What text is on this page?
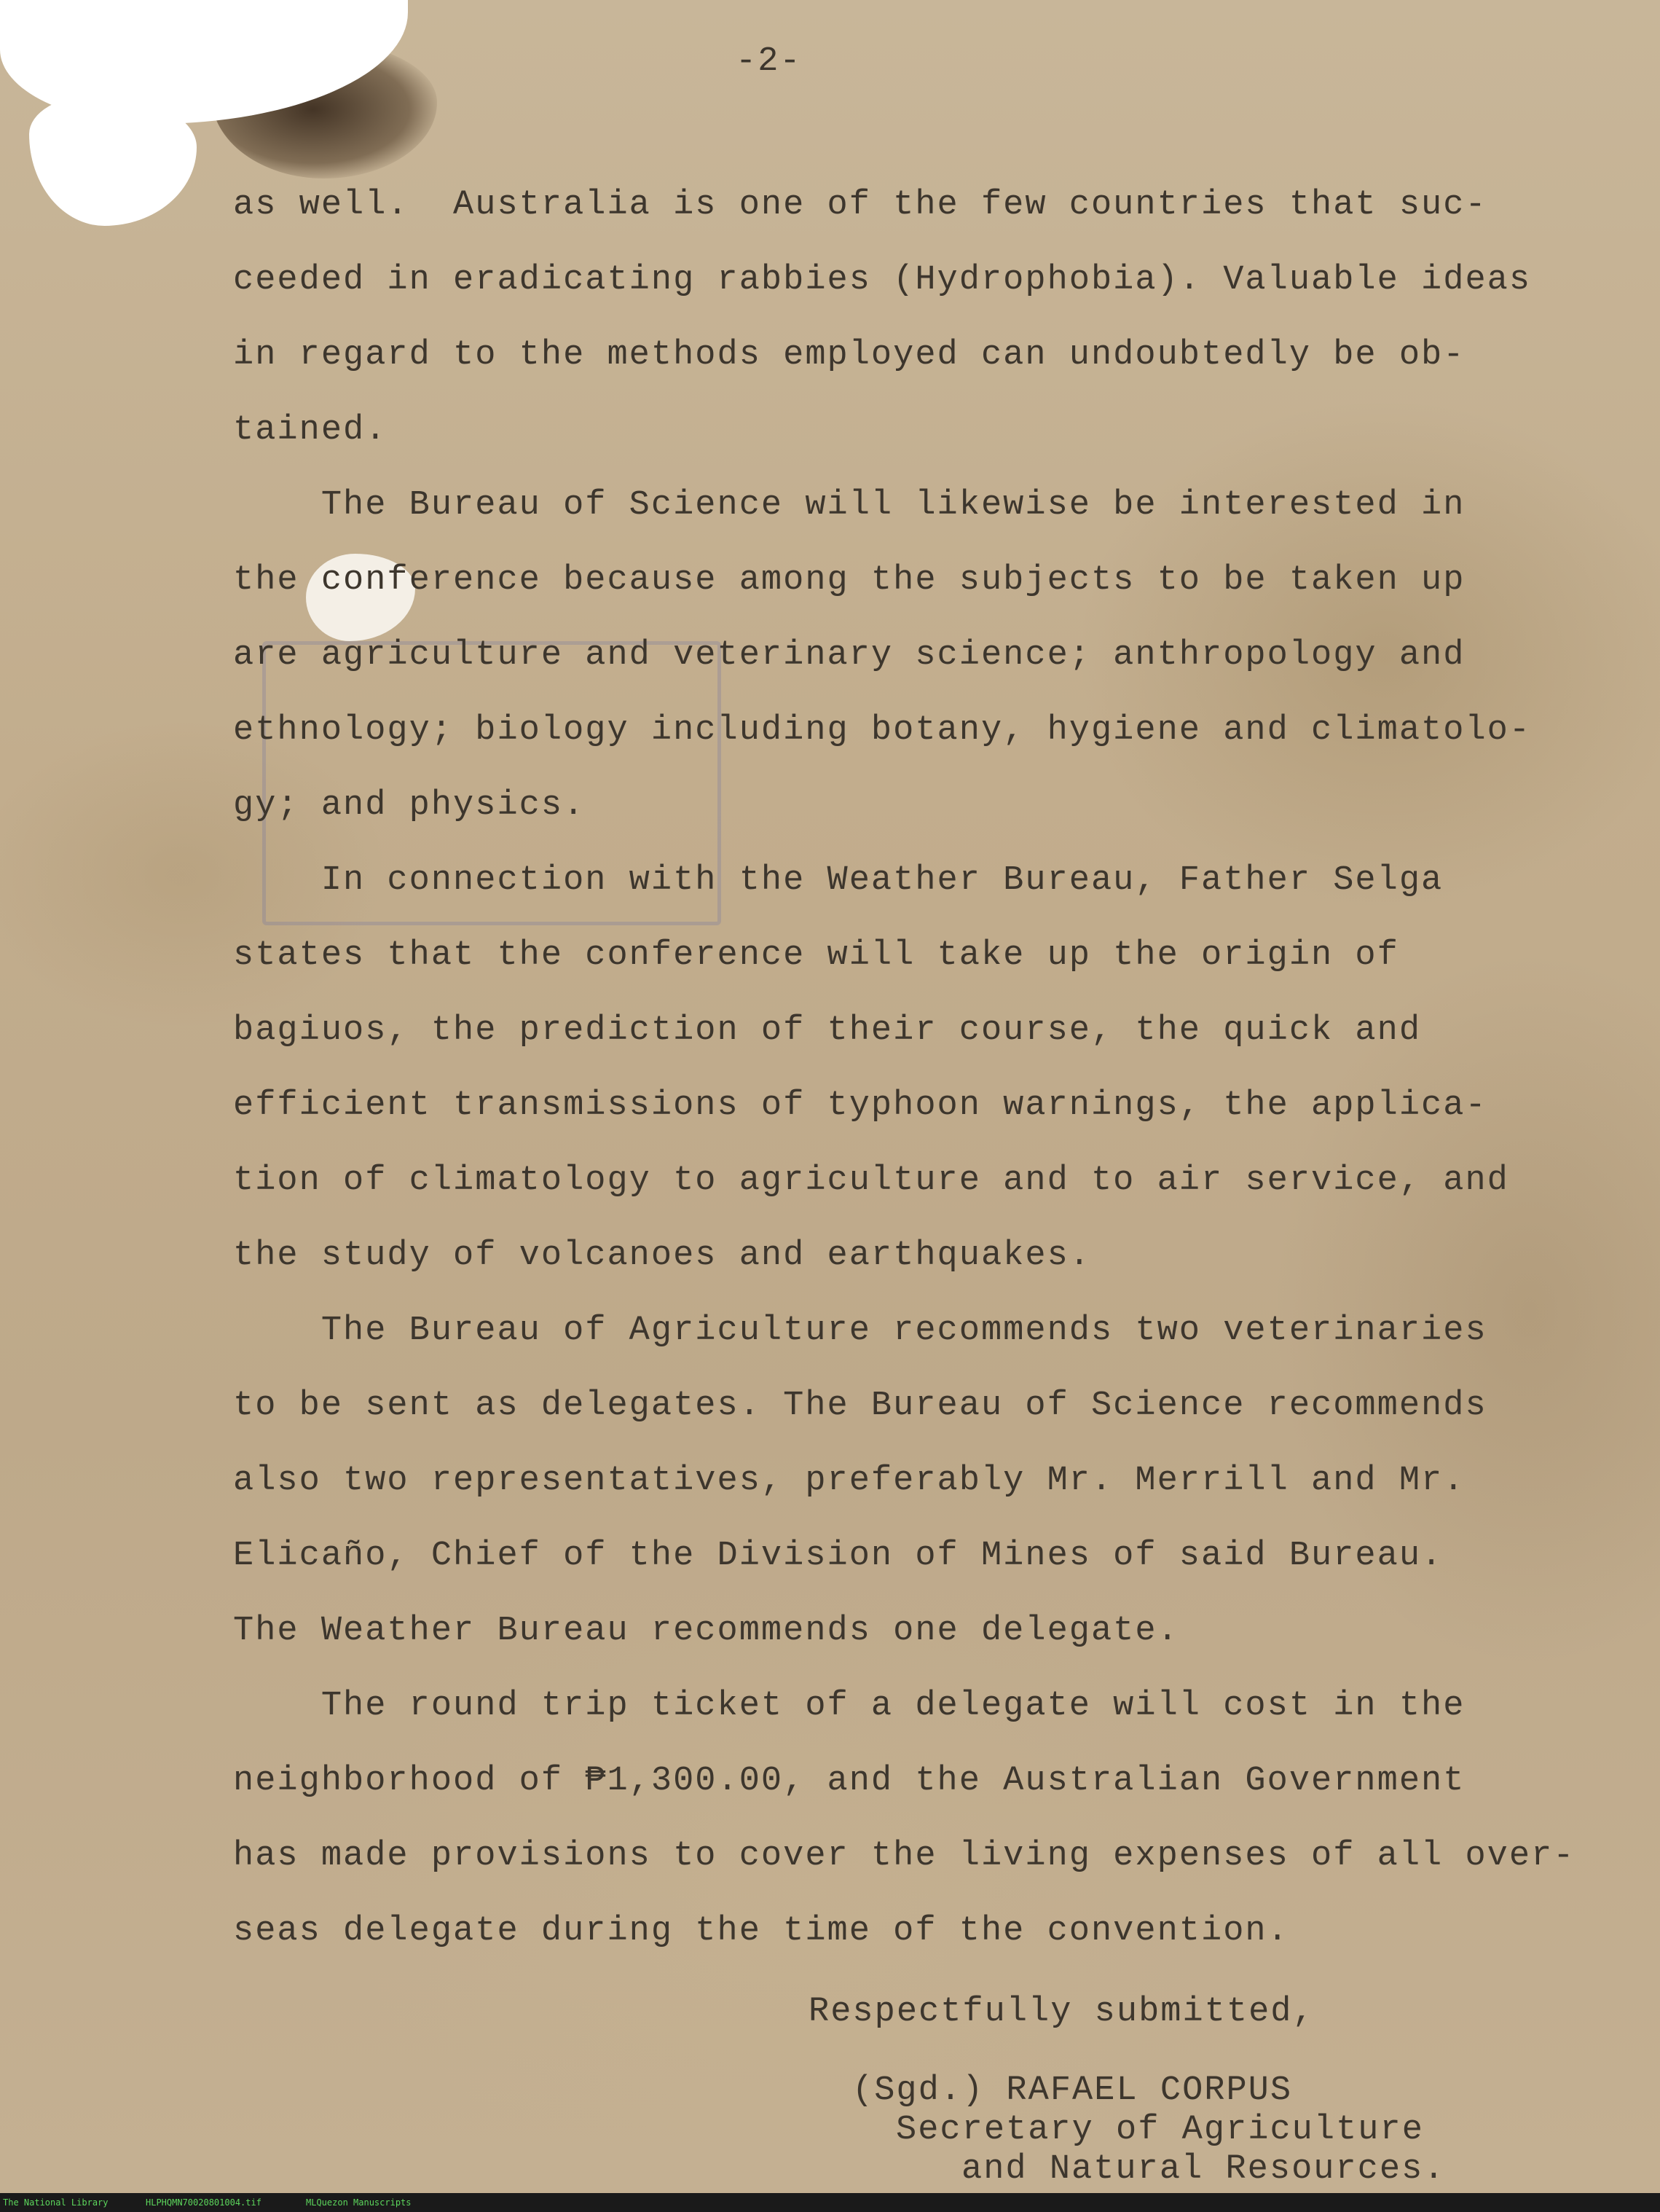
-2-
as well.  Australia is one of the few countries that suc-
ceeded in eradicating rabbies (Hydrophobia). Valuable ideas
in regard to the methods employed can undoubtedly be ob-
tained.
The Bureau of Science will likewise be interested in
the conference because among the subjects to be taken up
are agriculture and veterinary science; anthropology and
ethnology; biology including botany, hygiene and climatolo-
gy; and physics.
In connection with the Weather Bureau, Father Selga
states that the conference will take up the origin of
bagiuos, the prediction of their course, the quick and
efficient transmissions of typhoon warnings, the applica-
tion of climatology to agriculture and to air service, and
the study of volcanoes and earthquakes.
The Bureau of Agriculture recommends two veterinaries
to be sent as delegates. The Bureau of Science recommends
also two representatives, preferably Mr. Merrill and Mr.
Elicaño, Chief of the Division of Mines of said Bureau.
The Weather Bureau recommends one delegate.
The round trip ticket of a delegate will cost in the
neighborhood of ₱1,300.00, and the Australian Government
has made provisions to cover the living expenses of all over-
seas delegate during the time of the convention.
Respectfully submitted,
(Sgd.) RAFAEL CORPUS
Secretary of Agriculture
and Natural Resources.
The National Library	HLPHQMN70020801004.tif	MLQuezon Manuscripts
